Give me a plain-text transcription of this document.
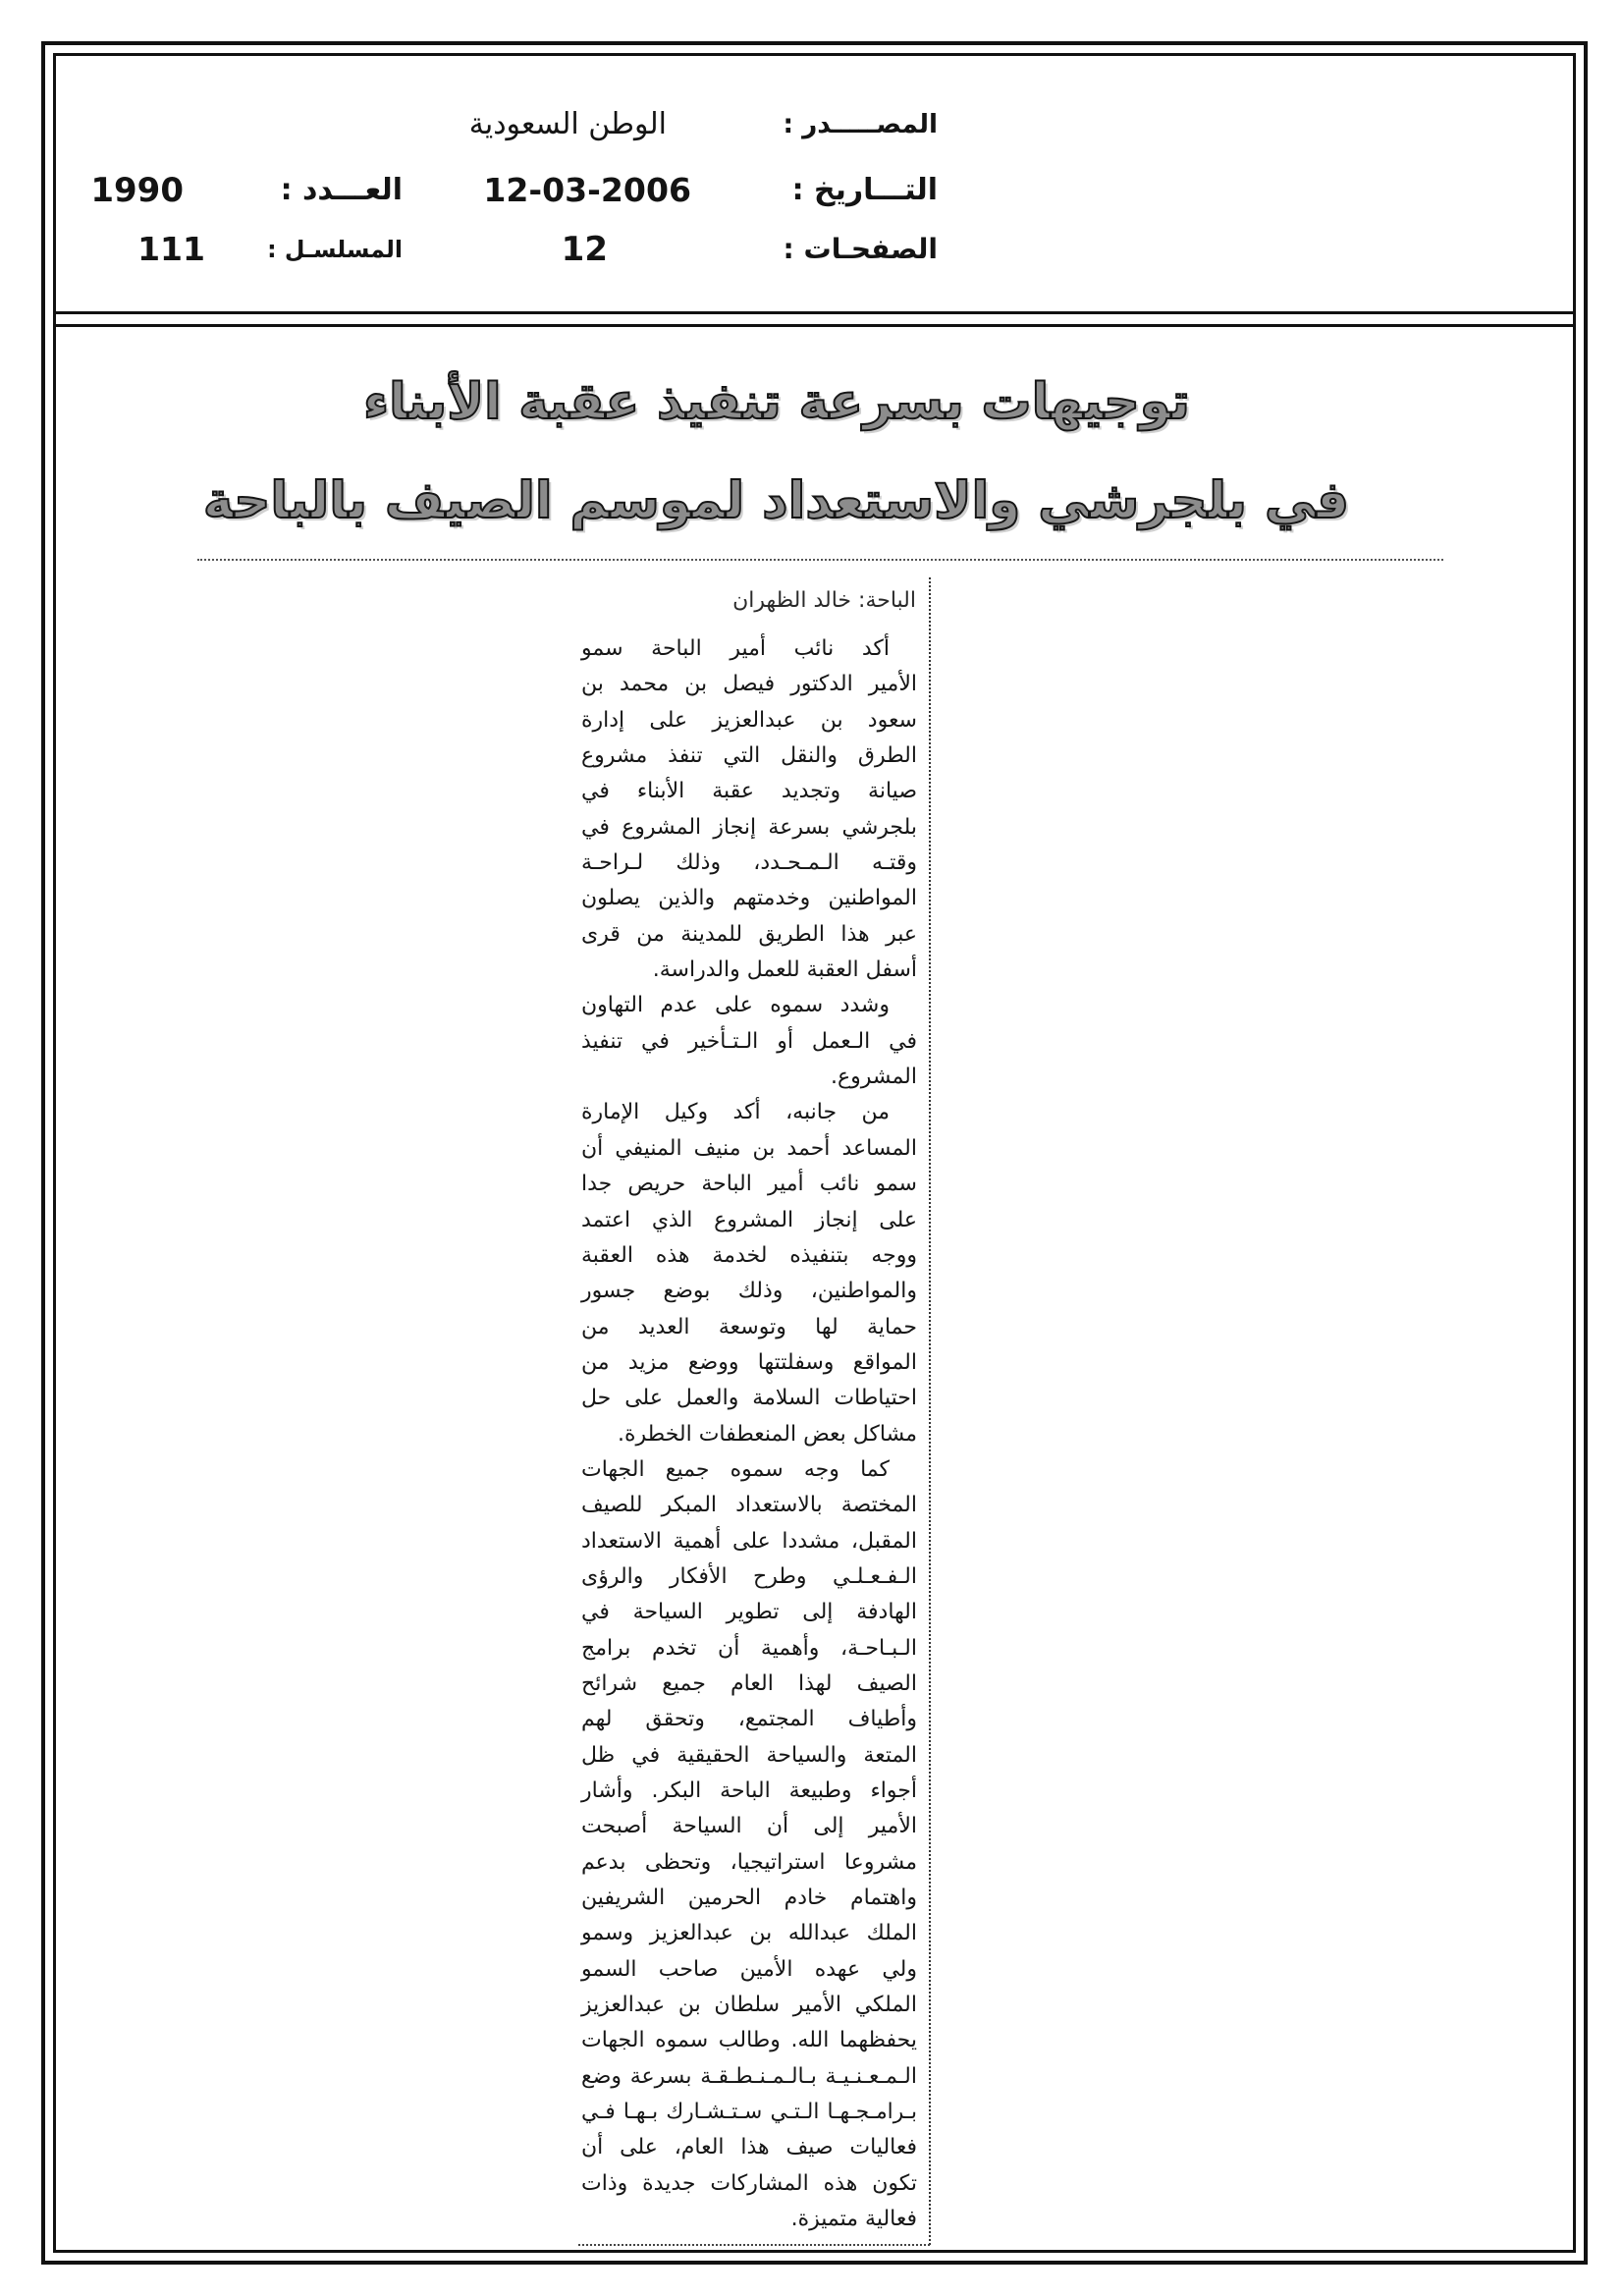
المصـــــدر :
الوطن السعودية
التـــاريخ :
12-03-2006
العـــدد :
1990
الصفحـات :
12
المسلسـل :
111
توجيهات بسرعة تنفيذ عقبة الأبناء
في بلجرشي والاستعداد لموسم الصيف بالباحة
الباحة: خالد الظهران
أكد نائب أمير الباحة سمو
الأمير الدكتور فيصل بن محمد بن
سعود بن عبدالعزيز على إدارة
الطرق والنقل التي تنفذ مشروع
صيانة وتجديد عقبة الأبناء في
بلجرشي بسرعة إنجاز المشروع في
وقتـه الـمـحـدد، وذلك لـراحـة
المواطنين وخدمتهم والذين يصلون
عبر هذا الطريق للمدينة من قرى
أسفل العقبة للعمل والدراسة.
وشدد سموه على عدم التهاون
في الـعمل أو الـتـأخير في تنفيذ
المشروع.
من جانبه، أكد وكيل الإمارة
المساعد أحمد بن منيف المنيفي أن
سمو نائب أمير الباحة حريص جدا
على إنجاز المشروع الذي اعتمد
ووجه بتنفيذه لخدمة هذه العقبة
والمواطنين، وذلك بوضع جسور
حماية لها وتوسعة العديد من
المواقع وسفلتتها ووضع مزيد من
احتياطات السلامة والعمل على حل
مشاكل بعض المنعطفات الخطرة.
كما وجه سموه جميع الجهات
المختصة بالاستعداد المبكر للصيف
المقبل، مشددا على أهمية الاستعداد
الـفـعـلـي وطرح الأفكار والرؤى
الهادفة إلى تطوير السياحة في
الـبـاحـة، وأهمية أن تخدم برامج
الصيف لهذا العام جميع شرائح
وأطياف المجتمع، وتحقق لهم
المتعة والسياحة الحقيقية في ظل
أجواء وطبيعة الباحة البكر. وأشار
الأمير إلى أن السياحة أصبحت
مشروعا استراتيجيا، وتحظى بدعم
واهتمام خادم الحرمين الشريفين
الملك عبدالله بن عبدالعزيز وسمو
ولي عهده الأمين صاحب السمو
الملكي الأمير سلطان بن عبدالعزيز
يحفظهما الله. وطالب سموه الجهات
الـمـعـنـيـة بـالـمـنـطـقـة بسرعة وضع
بـرامـجـهـا الـتـي سـتـشـارك بـهـا فـي
فعاليات صيف هذا العام، على أن
تكون هذه المشاركات جديدة وذات
فعالية متميزة.
